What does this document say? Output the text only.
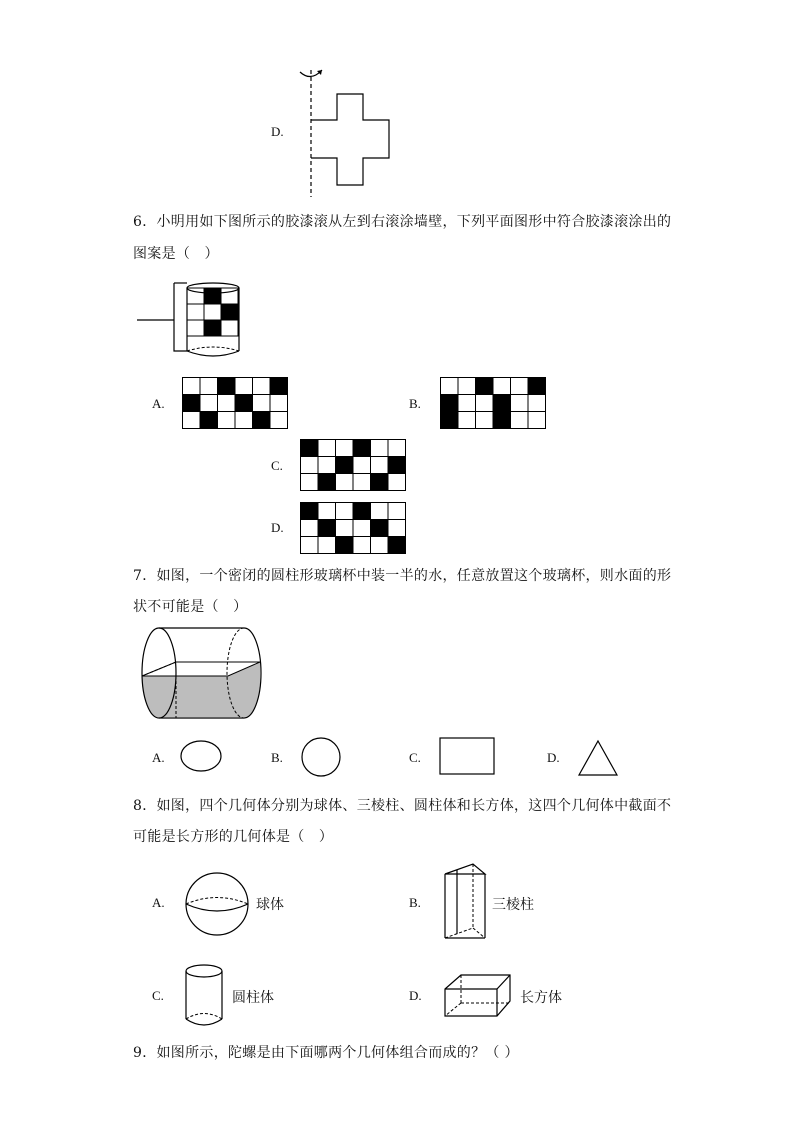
D.
6．小明用如下图所示的胶漆滚从左到右滚涂墙壁，下列平面图形中符合胶漆滚涂出的
图案是（　）
A.	B.
C.
D.
7．如图，一个密闭的圆柱形玻璃杯中装一半的水，任意放置这个玻璃杯，则水面的形
状不可能是（　）
A.	B.	C.	D.
8．如图，四个几何体分别为球体、三棱柱、圆柱体和长方体，这四个几何体中截面不
可能是长方形的几何体是（　）
A.	球体	B.	三棱柱
C.	圆柱体	D.	长方体
9．如图所示，陀螺是由下面哪两个几何体组合而成的？（ ）
